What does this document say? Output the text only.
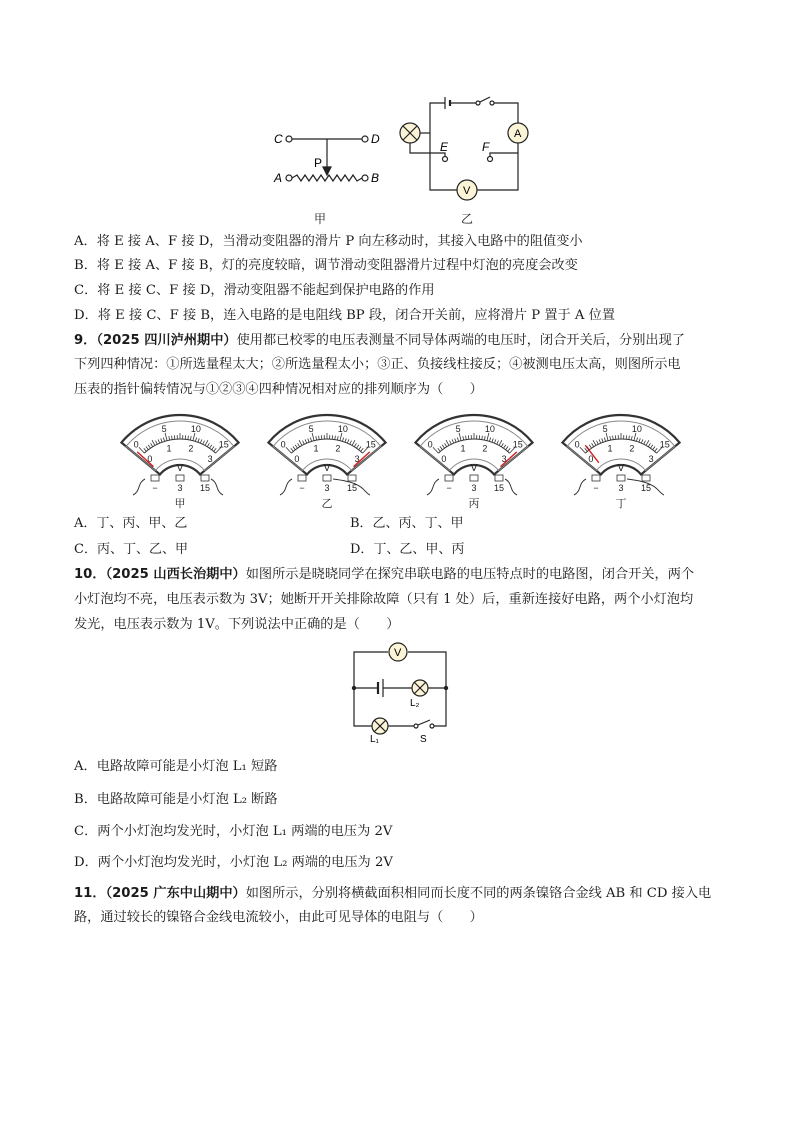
C	D
P
A	B
A
V
E	F
甲	乙
A．将 E 接 A、F 接 D，当滑动变阻器的滑片 P 向左移动时，其接入电路中的阻值变小
B．将 E 接 A、F 接 B，灯的亮度较暗，调节滑动变阻器滑片过程中灯泡的亮度会改变
C．将 E 接 C、F 接 D，滑动变阻器不能起到保护电路的作用
D．将 E 接 C、F 接 B，连入电路的是电阻线 BP 段，闭合开关前，应将滑片 P 置于 A 位置
9．（2025 四川泸州期中）使用都已校零的电压表测量不同导体两端的电压时，闭合开关后，分别出现了
下列四种情况：①所选量程太大；②所选量程太小；③正、负接线柱接反；④被测电压太高，则图所示电
压表的指针偏转情况与①②③④四种情况相对应的排列顺序为（　　）
0
5	10
15
0
1 2
3
V
− 3 15
甲
0
5	10
15
0
1 2
3
V
− 3 15
乙
0
5	10
15
0
1 2
3
V
− 3 15
丙
0
5	10
15
0
1 2
3
V
− 3 15
丁
A．丁、丙、甲、乙	B．乙、丙、丁、甲
C．丙、丁、乙、甲	D．丁、乙、甲、丙
10．（2025 山西长治期中）如图所示是晓晓同学在探究串联电路的电压特点时的电路图，闭合开关，两个
小灯泡均不亮，电压表示数为 3V；她断开开关排除故障（只有 1 处）后，重新连接好电路，两个小灯泡均
发光，电压表示数为 1V。下列说法中正确的是（　　）
V
L₂
L₁	S
A．电路故障可能是小灯泡 L₁ 短路
B．电路故障可能是小灯泡 L₂ 断路
C．两个小灯泡均发光时，小灯泡 L₁ 两端的电压为 2V
D．两个小灯泡均发光时，小灯泡 L₂ 两端的电压为 2V
11．（2025 广东中山期中）如图所示，分别将横截面积相同而长度不同的两条镍铬合金线 AB 和 CD 接入电
路，通过较长的镍铬合金线电流较小，由此可见导体的电阻与（　　）
